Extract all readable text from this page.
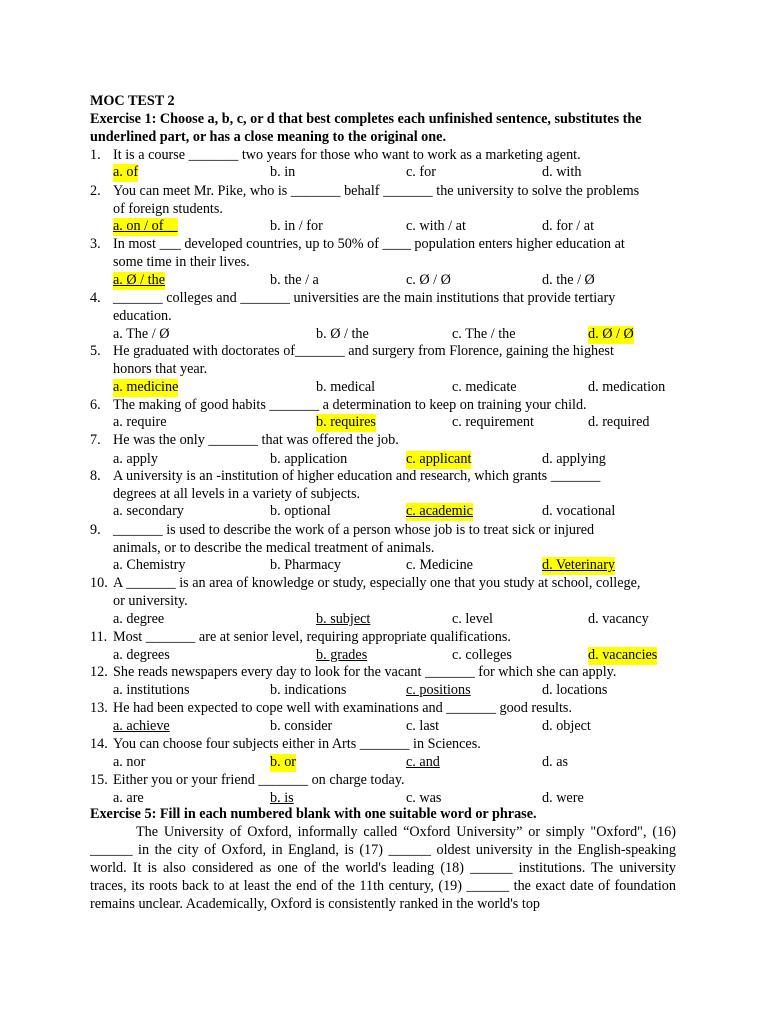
MOC TEST 2
Exercise 1: Choose a, b, c, or d that best completes each unfinished sentence, substitutes the
underlined part, or has a close meaning to the original one.
1. It is a course _______ two years for those who want to work as a marketing agent.
a. of	b. in	c. for	d. with
2. You can meet Mr. Pike, who is _______ behalf _______ the university to solve the problems
of foreign students.
a. on / of__	b. in / for	c. with / at	d. for / at
3. In most ___ developed countries, up to 50% of ____ population enters higher education at
some time in their lives.
a. Ø / the	b. the / a	c. Ø / Ø	d. the / Ø
4. _______ colleges and _______ universities are the main institutions that provide tertiary
education.
a. The / Ø	b. Ø / the	c. The / the	d. Ø / Ø
5. He graduated with doctorates of_______ and surgery from Florence, gaining the highest
honors that year.
a. medicine	b. medical	c. medicate	d. medication
6. The making of good habits _______ a determination to keep on training your child.
a. require	b. requires	c. requirement	d. required
7. He was the only _______ that was offered the job.
a. apply	b. application	c. applicant	d. applying
8. A university is an -institution of higher education and research, which grants _______
degrees at all levels in a variety of subjects.
a. secondary	b. optional	c. academic	d. vocational
9. _______ is used to describe the work of a person whose job is to treat sick or injured
animals, or to describe the medical treatment of animals.
a. Chemistry	b. Pharmacy	c. Medicine	d. Veterinary
10. A _______ is an area of knowledge or study, especially one that you study at school, college,
or university.
a. degree	b. subject	c. level	d. vacancy
11. Most _______ are at senior level, requiring appropriate qualifications.
a. degrees	b. grades	c. colleges	d. vacancies
12. She reads newspapers every day to look for the vacant _______ for which she can apply.
a. institutions	b. indications	c. positions	d. locations
13. He had been expected to cope well with examinations and _______ good results.
a. achieve	b. consider	c. last	d. object
14. You can choose four subjects either in Arts _______ in Sciences.
a. nor	b. or	c. and	d. as
15. Either you or your friend _______ on charge today.
a. are	b. is	c. was	d. were
Exercise 5: Fill in each numbered blank with one suitable word or phrase.

The University of Oxford, informally called “Oxford University” or simply "Oxford", (16) ______ in the city of Oxford, in England, is (17) ______ oldest university in the English-speaking world. It is also considered as one of the world's leading (18) ______ institutions. The university traces, its roots back to at least the end of the 11th century, (19) ______ the exact date of foundation remains unclear. Academically, Oxford is consistently ranked in the world's top
